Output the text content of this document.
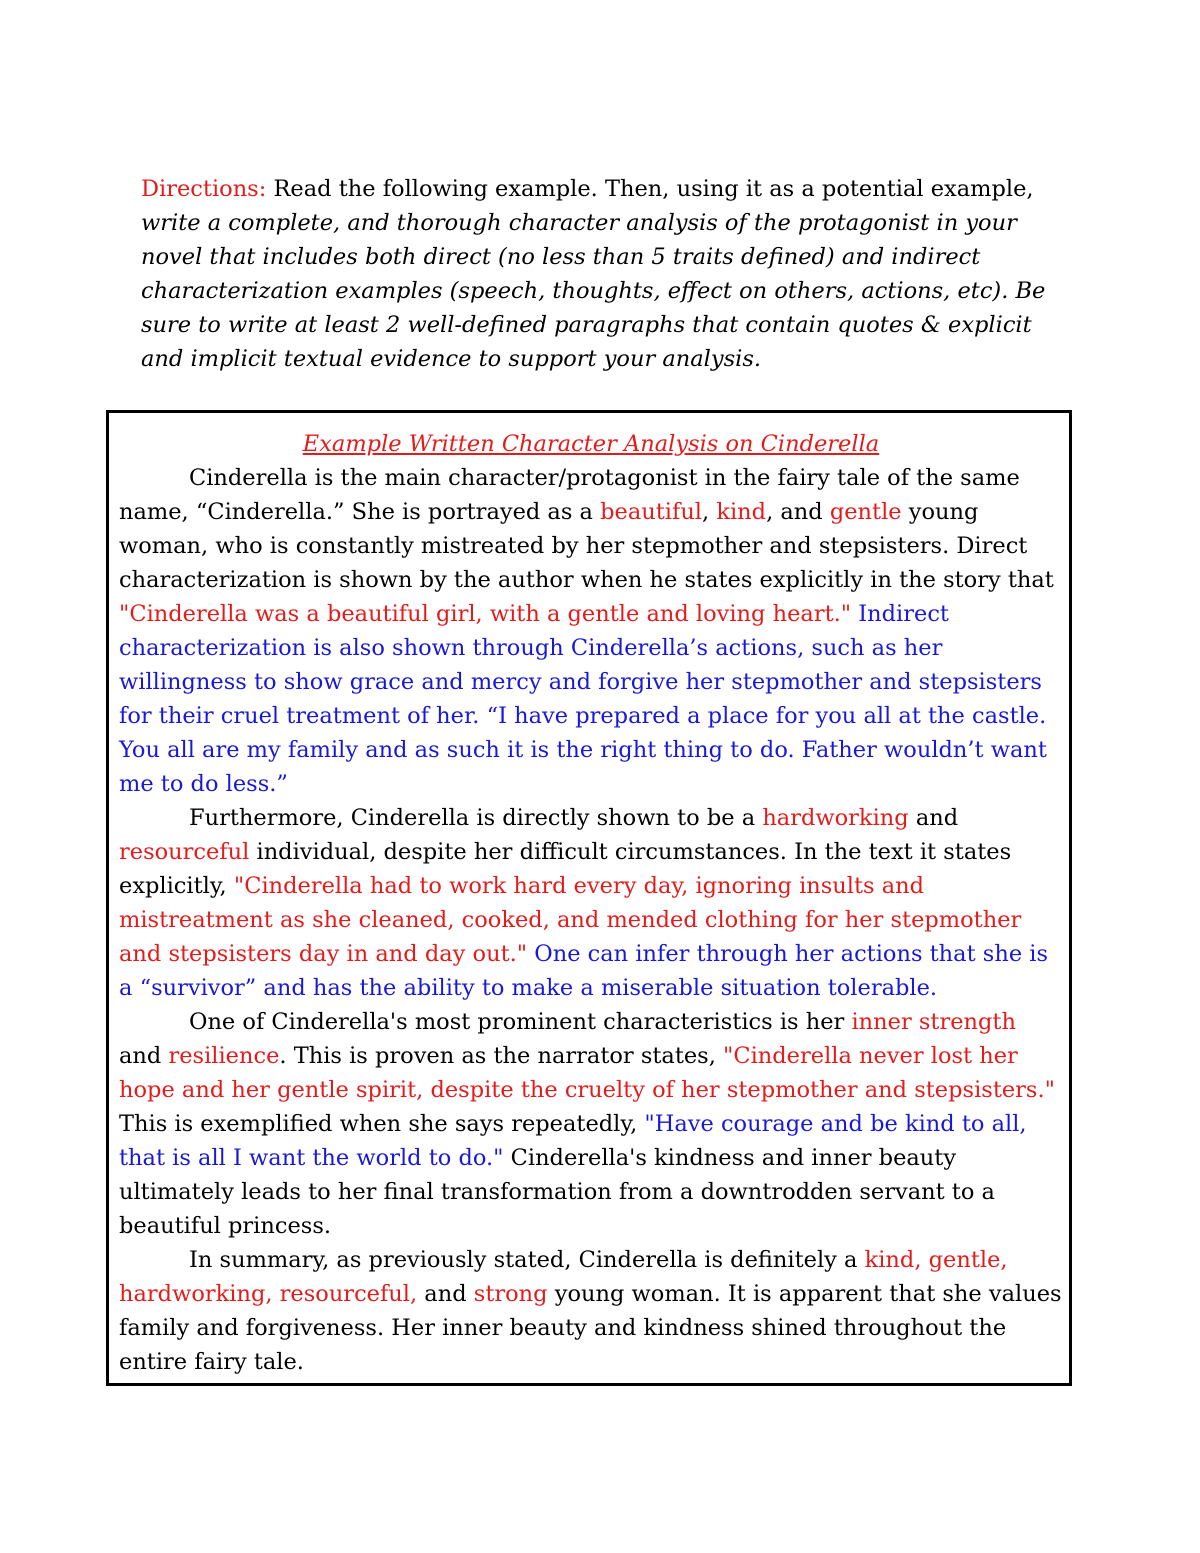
Directions: Read the following example. Then, using it as a potential example, write a complete, and thorough character analysis of the protagonist in your novel that includes both direct (no less than 5 traits defined) and indirect characterization examples (speech, thoughts, effect on others, actions, etc). Be sure to write at least 2 well-defined paragraphs that contain quotes & explicit and implicit textual evidence to support your analysis.

Example Written Character Analysis on Cinderella

Cinderella is the main character/protagonist in the fairy tale of the same name, “Cinderella.” She is portrayed as a beautiful, kind, and gentle young woman, who is constantly mistreated by her stepmother and stepsisters. Direct characterization is shown by the author when he states explicitly in the story that "Cinderella was a beautiful girl, with a gentle and loving heart." Indirect characterization is also shown through Cinderella’s actions, such as her willingness to show grace and mercy and forgive her stepmother and stepsisters for their cruel treatment of her. “I have prepared a place for you all at the castle. You all are my family and as such it is the right thing to do. Father wouldn’t want me to do less.”

Furthermore, Cinderella is directly shown to be a hardworking and resourceful individual, despite her difficult circumstances. In the text it states explicitly, "Cinderella had to work hard every day, ignoring insults and mistreatment as she cleaned, cooked, and mended clothing for her stepmother and stepsisters day in and day out." One can infer through her actions that she is a “survivor” and has the ability to make a miserable situation tolerable.

One of Cinderella's most prominent characteristics is her inner strength and resilience. This is proven as the narrator states, "Cinderella never lost her hope and her gentle spirit, despite the cruelty of her stepmother and stepsisters." This is exemplified when she says repeatedly, "Have courage and be kind to all, that is all I want the world to do." Cinderella's kindness and inner beauty ultimately leads to her final transformation from a downtrodden servant to a beautiful princess.

In summary, as previously stated, Cinderella is definitely a kind, gentle, hardworking, resourceful, and strong young woman. It is apparent that she values family and forgiveness. Her inner beauty and kindness shined throughout the entire fairy tale.
